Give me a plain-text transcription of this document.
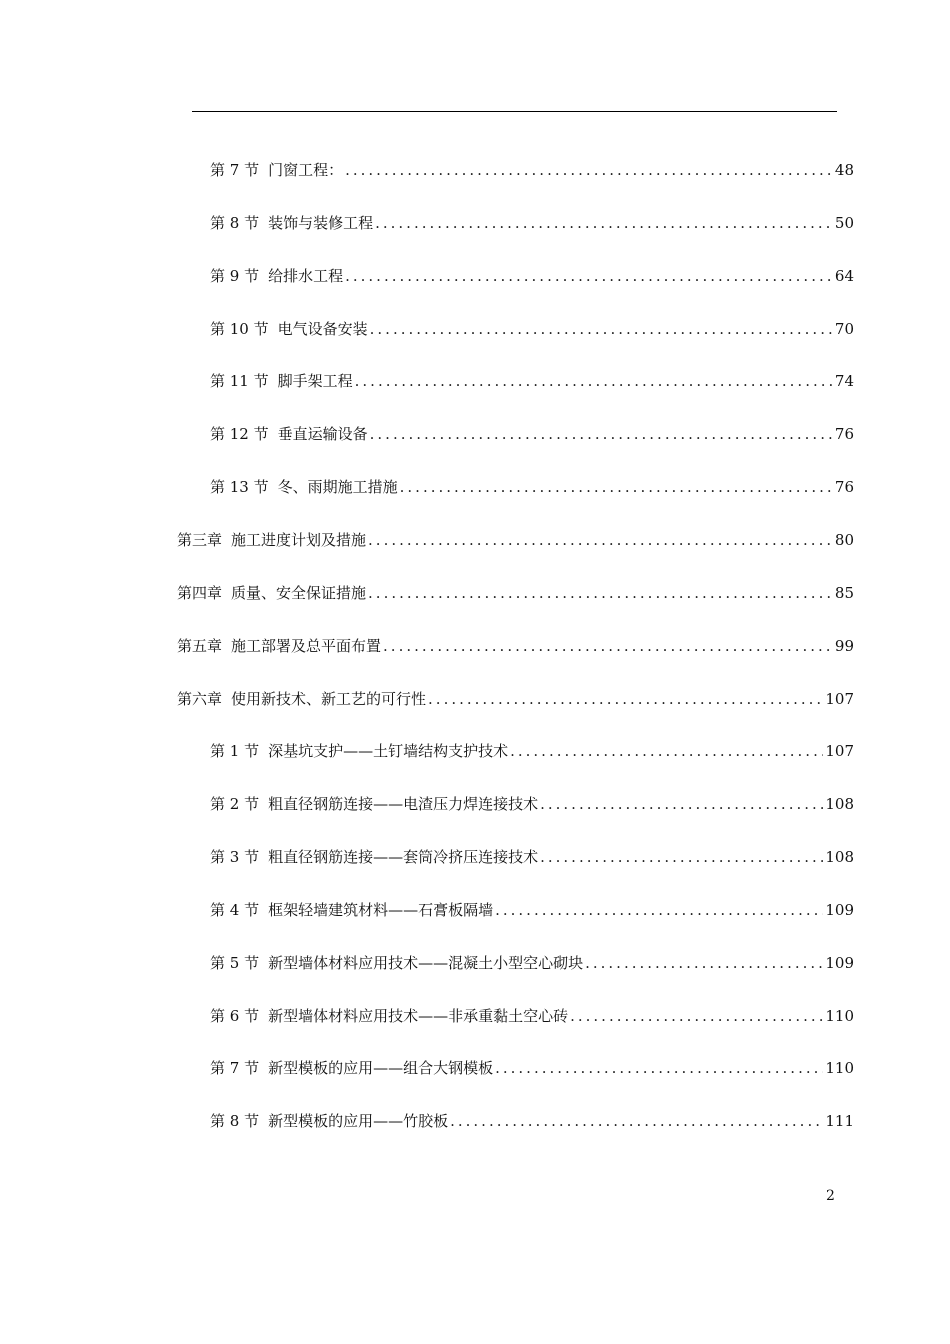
第 7 节 门窗工程： .....	48
第 8 节 装饰与装修工程 .....	50
第 9 节 给排水工程 .....	64
第 10 节 电气设备安装 .....	70
第 11 节 脚手架工程 .....	74
第 12 节 垂直运输设备 .....	76
第 13 节 冬、雨期施工措施 .....	76
第三章 施工进度计划及措施 .....	80
第四章 质量、安全保证措施 .....	85
第五章 施工部署及总平面布置 .....	99
第六章 使用新技术、新工艺的可行性 .....	107
第 1 节 深基坑支护——土钉墙结构支护技术 .....	107
第 2 节 粗直径钢筋连接——电渣压力焊连接技术 .....	108
第 3 节 粗直径钢筋连接——套筒冷挤压连接技术 .....	108
第 4 节 框架轻墙建筑材料——石膏板隔墙 .....	109
第 5 节 新型墙体材料应用技术——混凝土小型空心砌块 .....	109
第 6 节 新型墙体材料应用技术——非承重黏土空心砖 .....	110
第 7 节 新型模板的应用——组合大钢模板 .....	110
第 8 节 新型模板的应用——竹胶板 .....	111
2
